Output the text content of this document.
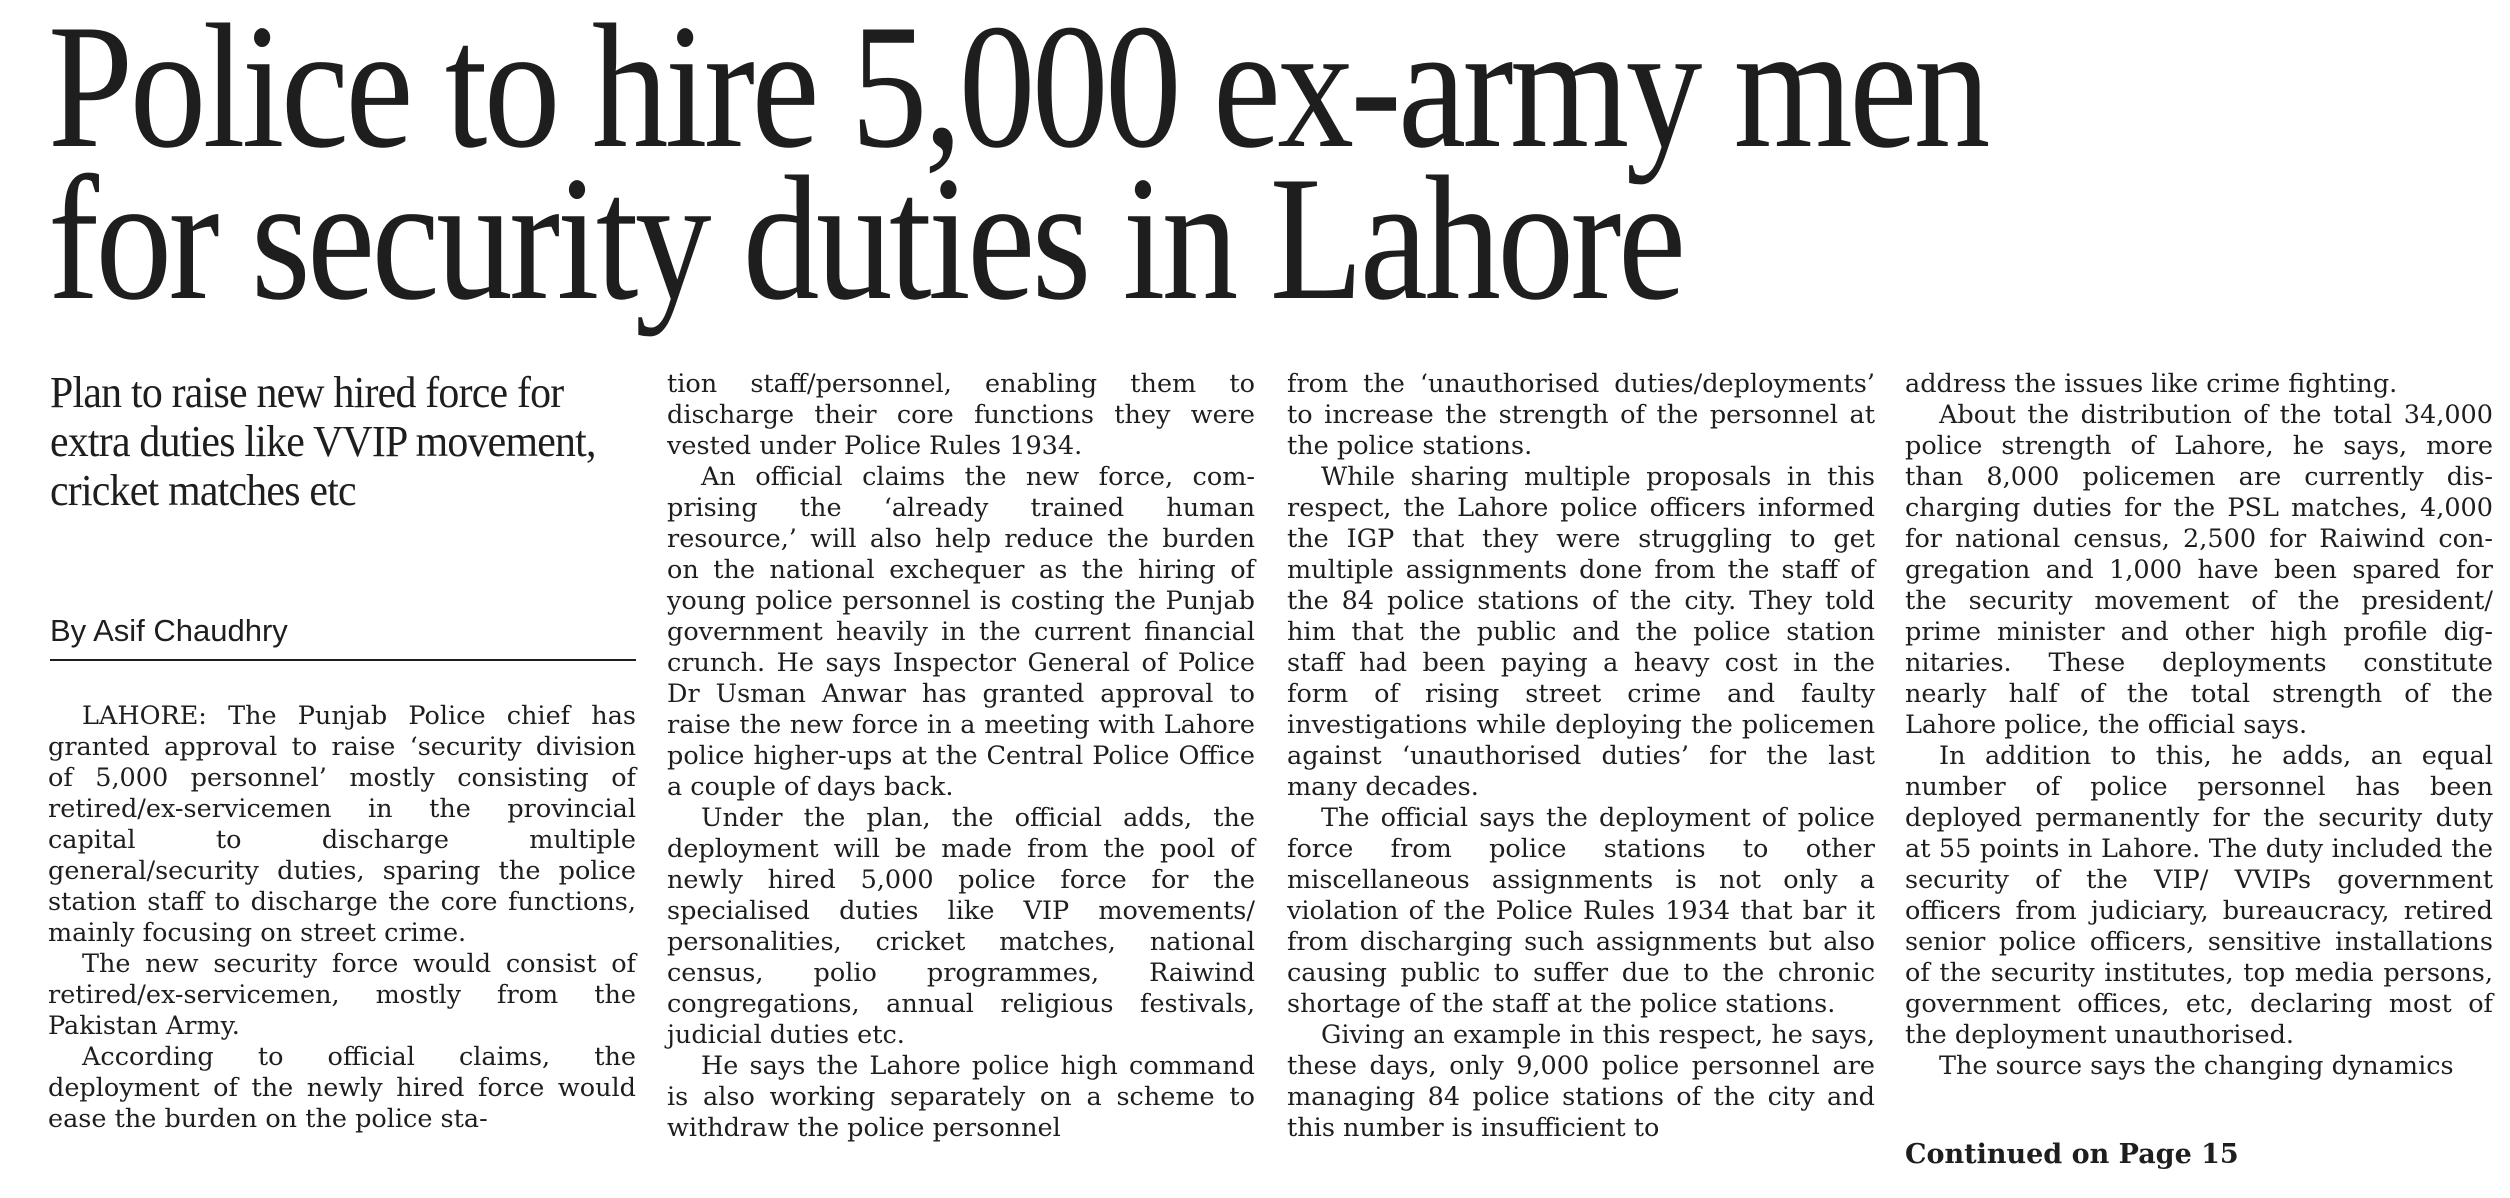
Police to hire 5,000 ex-army men
for security duties in Lahore
Plan to raise new hired force for extra duties like VVIP movement, cricket matches etc
By Asif Chaudhry

LAHORE: The Punjab Police chief has granted approval to raise ‘security division of 5,000 personnel’ mostly consisting of retired/ex-servicemen in the provincial capital to discharge multiple general/security duties, sparing the police station staff to discharge the core functions, mainly focusing on street crime.

The new security force would consist of retired/ex-servicemen, mostly from the Pakistan Army.

According to official claims, the deployment of the newly hired force would ease the burden on the police sta-

tion staff/personnel, enabling them to discharge their core functions they were vested under Police Rules 1934.

An official claims the new force, comprising the ‘already trained human resource,’ will also help reduce the burden on the national exchequer as the hiring of young police personnel is costing the Punjab government heavily in the current financial crunch. He says Inspector General of Police Dr Usman Anwar has granted approval to raise the new force in a meeting with Lahore police higher-ups at the Central Police Office a couple of days back.

Under the plan, the official adds, the deployment will be made from the pool of newly hired 5,000 police force for the specialised duties like VIP movements/ personalities, cricket matches, national census, polio programmes, Raiwind congregations, annual religious festivals, judicial duties etc.

He says the Lahore police high command is also working separately on a scheme to withdraw the police personnel

from the ‘unauthorised duties/deployments’ to increase the strength of the personnel at the police stations.

While sharing multiple proposals in this respect, the Lahore police officers informed the IGP that they were struggling to get multiple assignments done from the staff of the 84 police stations of the city. They told him that the public and the police station staff had been paying a heavy cost in the form of rising street crime and faulty investigations while deploying the policemen against ‘unauthorised duties’ for the last many decades.

The official says the deployment of police force from police stations to other miscellaneous assignments is not only a violation of the Police Rules 1934 that bar it from discharging such assignments but also causing public to suffer due to the chronic shortage of the staff at the police stations.

Giving an example in this respect, he says, these days, only 9,000 police personnel are managing 84 police stations of the city and this number is insufficient to

address the issues like crime fighting.

About the distribution of the total 34,000 police strength of Lahore, he says, more than 8,000 policemen are currently discharging duties for the PSL matches, 4,000 for national census, 2,500 for Raiwind congregation and 1,000 have been spared for the security movement of the president/ prime minister and other high profile dignitaries. These deployments constitute nearly half of the total strength of the Lahore police, the official says.

In addition to this, he adds, an equal number of police personnel has been deployed permanently for the security duty at 55 points in Lahore. The duty included the security of the VIP/ VVIPs government officers from judiciary, bureaucracy, retired senior police officers, sensitive installations of the security institutes, top media persons, government offices, etc, declaring most of the deployment unauthorised.

The source says the changing dynamics

Continued on Page 15
